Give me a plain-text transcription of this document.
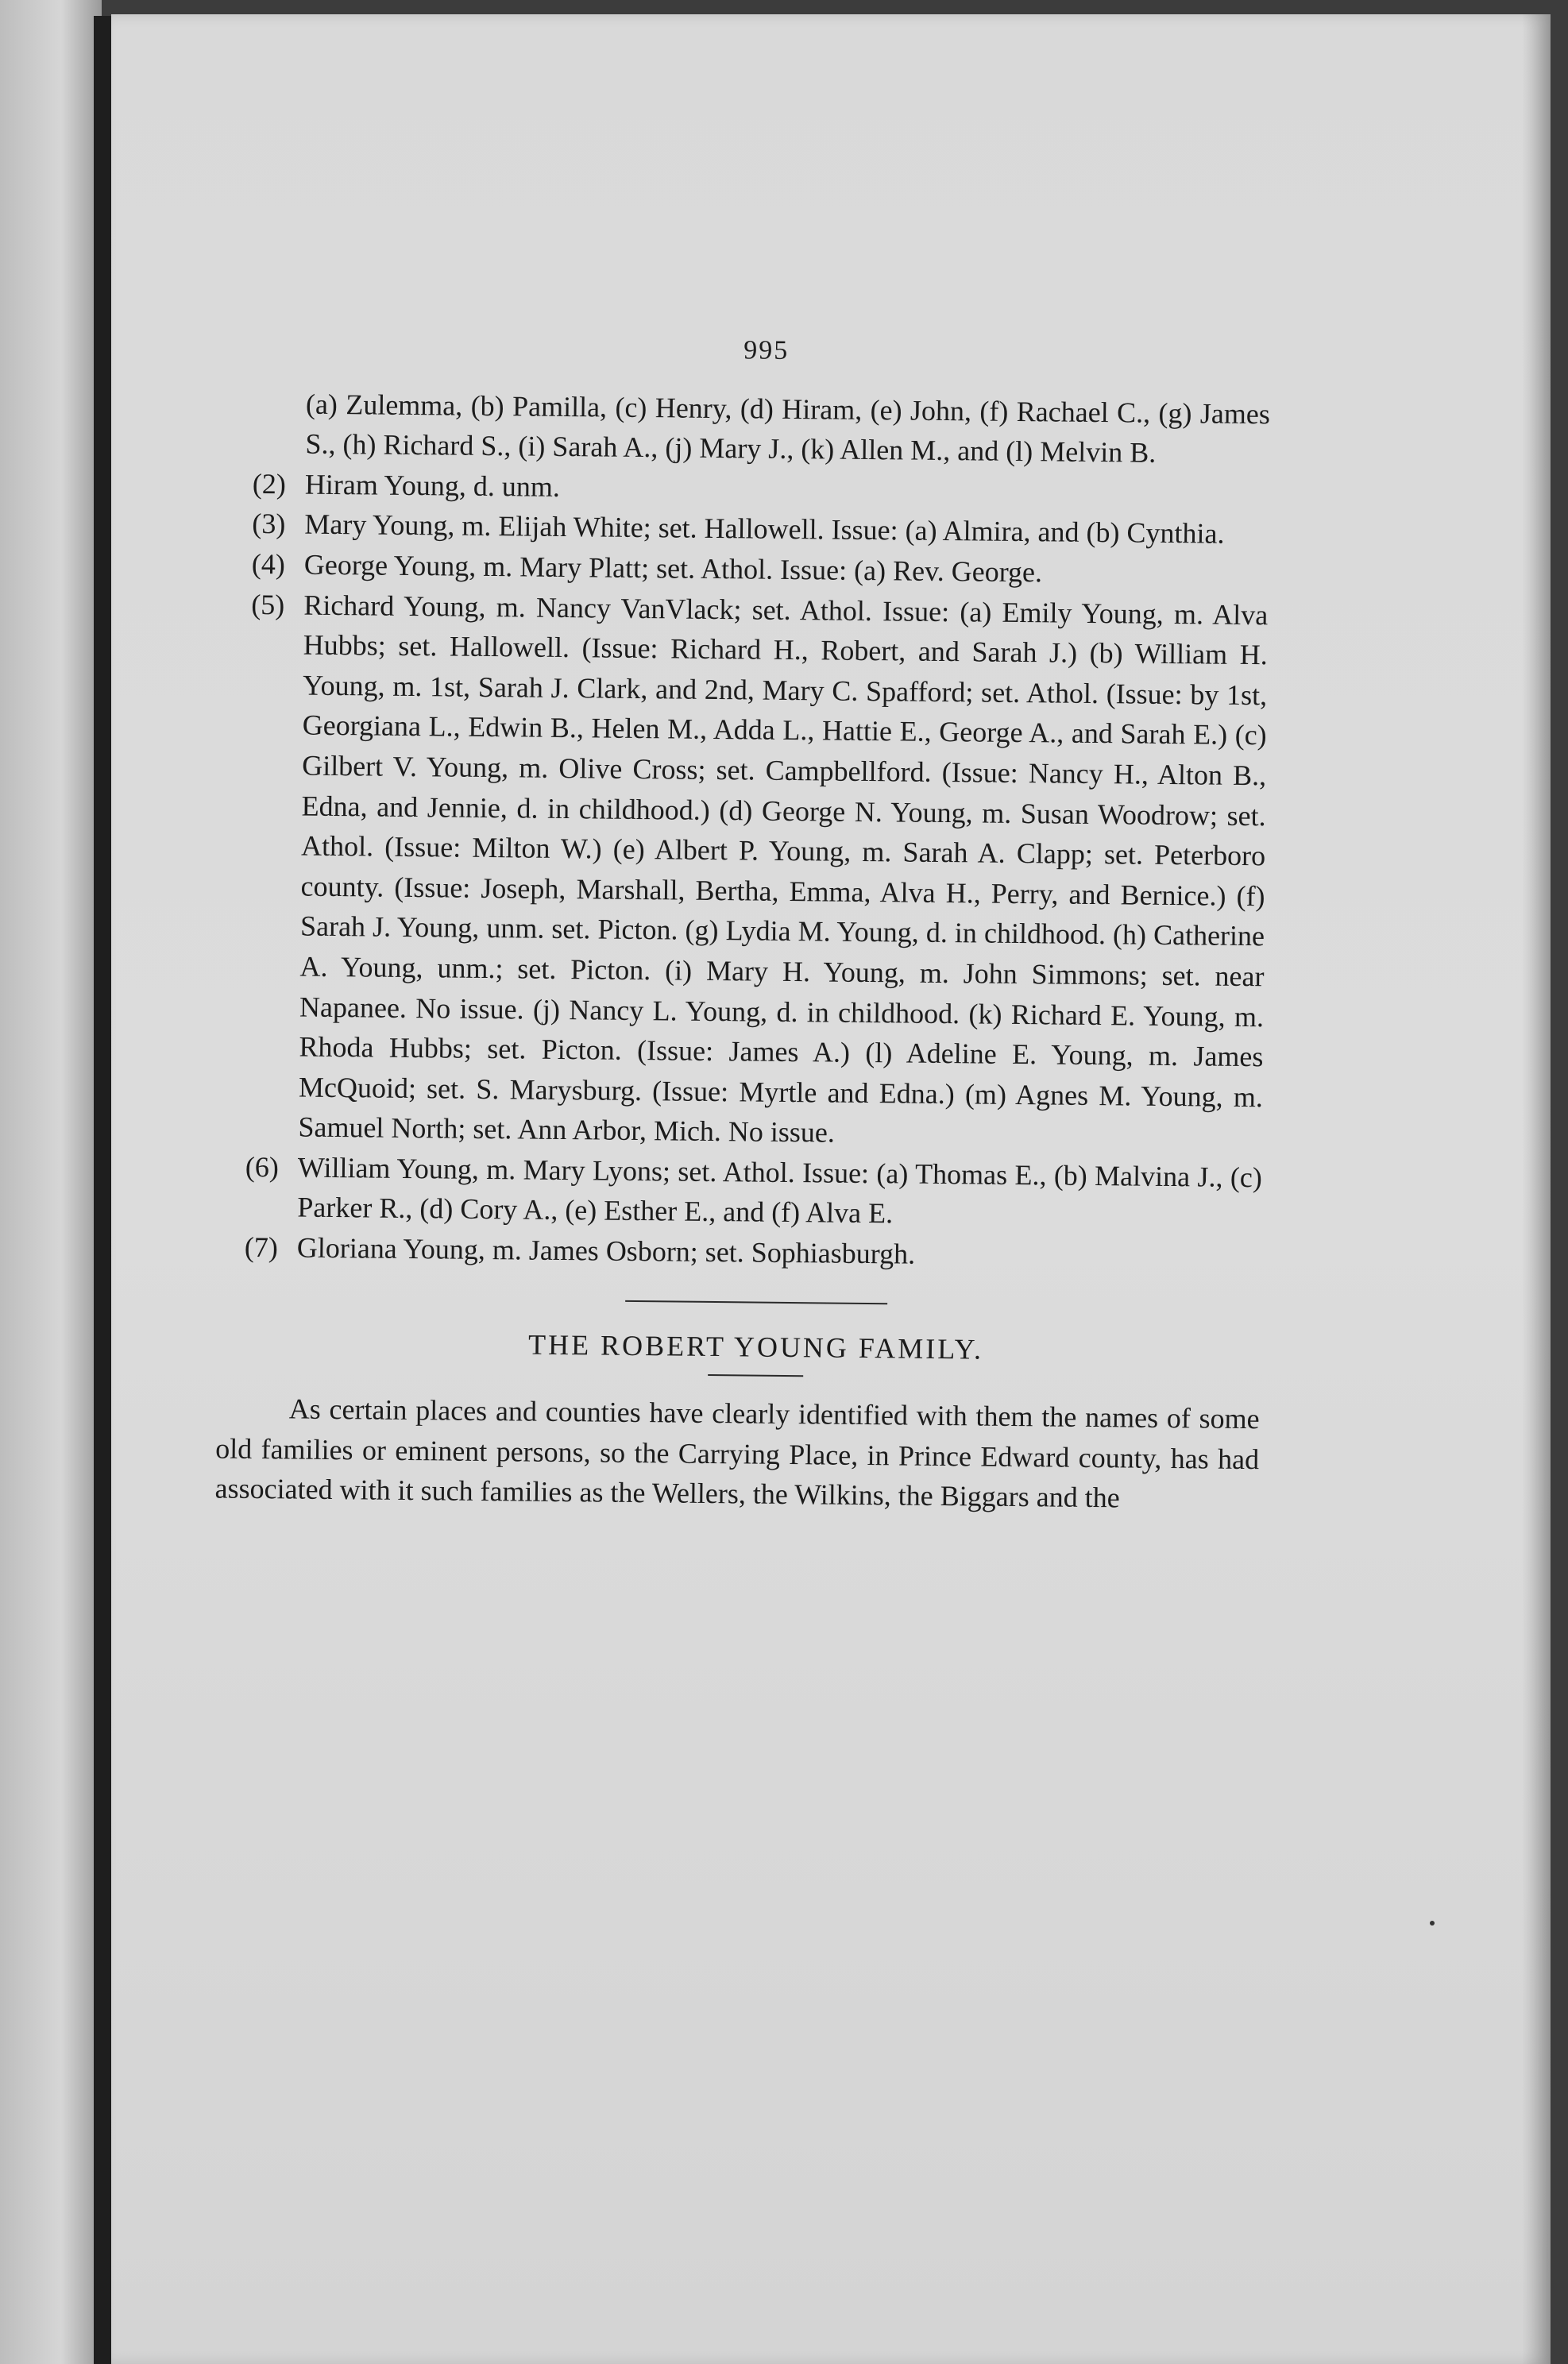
995

(a) Zulemma, (b) Pamilla, (c) Henry, (d) Hiram, (e) John, (f) Rachael C., (g) James S., (h) Richard S., (i) Sarah A., (j) Mary J., (k) Allen M., and (l) Melvin B.

(2) Hiram Young, d. unm.

(3) Mary Young, m. Elijah White; set. Hallowell. Issue: (a) Almira, and (b) Cynthia.

(4) George Young, m. Mary Platt; set. Athol. Issue: (a) Rev. George.

(5) Richard Young, m. Nancy VanVlack; set. Athol. Issue: (a) Emily Young, m. Alva Hubbs; set. Hallowell. (Issue: Richard H., Robert, and Sarah J.) (b) William H. Young, m. 1st, Sarah J. Clark, and 2nd, Mary C. Spafford; set. Athol. (Issue: by 1st, Georgiana L., Edwin B., Helen M., Adda L., Hattie E., George A., and Sarah E.) (c) Gilbert V. Young, m. Olive Cross; set. Campbellford. (Issue: Nancy H., Alton B., Edna, and Jennie, d. in childhood.) (d) George N. Young, m. Susan Woodrow; set. Athol. (Issue: Milton W.) (e) Albert P. Young, m. Sarah A. Clapp; set. Peterboro county. (Issue: Joseph, Marshall, Bertha, Emma, Alva H., Perry, and Bernice.) (f) Sarah J. Young, unm. set. Picton. (g) Lydia M. Young, d. in childhood. (h) Catherine A. Young, unm.; set. Picton. (i) Mary H. Young, m. John Simmons; set. near Napanee. No issue. (j) Nancy L. Young, d. in childhood. (k) Richard E. Young, m. Rhoda Hubbs; set. Picton. (Issue: James A.) (l) Adeline E. Young, m. James McQuoid; set. S. Marysburg. (Issue: Myrtle and Edna.) (m) Agnes M. Young, m. Samuel North; set. Ann Arbor, Mich. No issue.

(6) William Young, m. Mary Lyons; set. Athol. Issue: (a) Thomas E., (b) Malvina J., (c) Parker R., (d) Cory A., (e) Esther E., and (f) Alva E.

(7) Gloriana Young, m. James Osborn; set. Sophiasburgh.

THE ROBERT YOUNG FAMILY.

As certain places and counties have clearly identified with them the names of some old families or eminent persons, so the Carrying Place, in Prince Edward county, has had associated with it such families as the Wellers, the Wilkins, the Biggars and the
